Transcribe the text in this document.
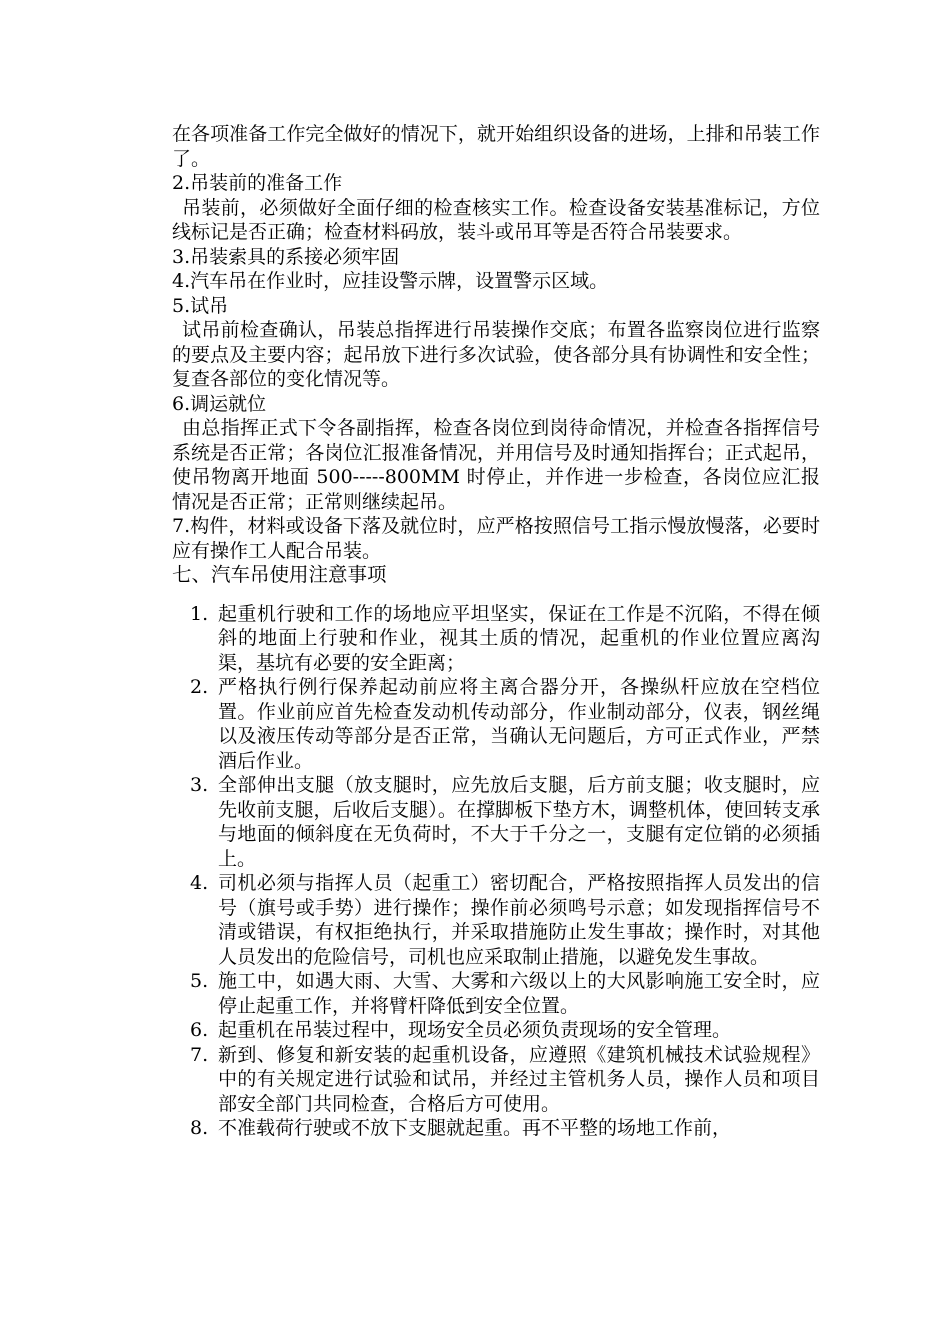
在各项准备工作完全做好的情况下，就开始组织设备的进场，上排和吊装工作了。

2.吊装前的准备工作

吊装前，必须做好全面仔细的检查核实工作。检查设备安装基准标记，方位线标记是否正确；检查材料码放，装斗或吊耳等是否符合吊装要求。

3.吊装索具的系接必须牢固

4.汽车吊在作业时，应挂设警示牌，设置警示区域。

5.试吊

试吊前检查确认，吊装总指挥进行吊装操作交底；布置各监察岗位进行监察的要点及主要内容；起吊放下进行多次试验，使各部分具有协调性和安全性；复查各部位的变化情况等。

6.调运就位

由总指挥正式下令各副指挥，检查各岗位到岗待命情况，并检查各指挥信号系统是否正常；各岗位汇报准备情况，并用信号及时通知指挥台；正式起吊，使吊物离开地面 500-----800MM 时停止，并作进一步检查，各岗位应汇报情况是否正常；正常则继续起吊。

7.构件，材料或设备下落及就位时，应严格按照信号工指示慢放慢落，必要时应有操作工人配合吊装。

七、汽车吊使用注意事项

1. 起重机行驶和工作的场地应平坦坚实，保证在工作是不沉陷，不得在倾斜的地面上行驶和作业，视其土质的情况，起重机的作业位置应离沟渠，基坑有必要的安全距离；
2. 严格执行例行保养起动前应将主离合器分开，各操纵杆应放在空档位置。作业前应首先检查发动机传动部分，作业制动部分，仪表，钢丝绳以及液压传动等部分是否正常，当确认无问题后，方可正式作业，严禁酒后作业。
3. 全部伸出支腿（放支腿时，应先放后支腿，后方前支腿；收支腿时，应先收前支腿，后收后支腿）。在撑脚板下垫方木，调整机体，使回转支承与地面的倾斜度在无负荷时，不大于千分之一，支腿有定位销的必须插上。
4. 司机必须与指挥人员（起重工）密切配合，严格按照指挥人员发出的信号（旗号或手势）进行操作；操作前必须鸣号示意；如发现指挥信号不清或错误，有权拒绝执行，并采取措施防止发生事故；操作时，对其他人员发出的危险信号，司机也应采取制止措施，以避免发生事故。
5. 施工中，如遇大雨、大雪、大雾和六级以上的大风影响施工安全时，应停止起重工作，并将臂杆降低到安全位置。
6. 起重机在吊装过程中，现场安全员必须负责现场的安全管理。
7. 新到、修复和新安装的起重机设备，应遵照《建筑机械技术试验规程》中的有关规定进行试验和试吊，并经过主管机务人员，操作人员和项目部安全部门共同检查，合格后方可使用。
8. 不准载荷行驶或不放下支腿就起重。再不平整的场地工作前，
